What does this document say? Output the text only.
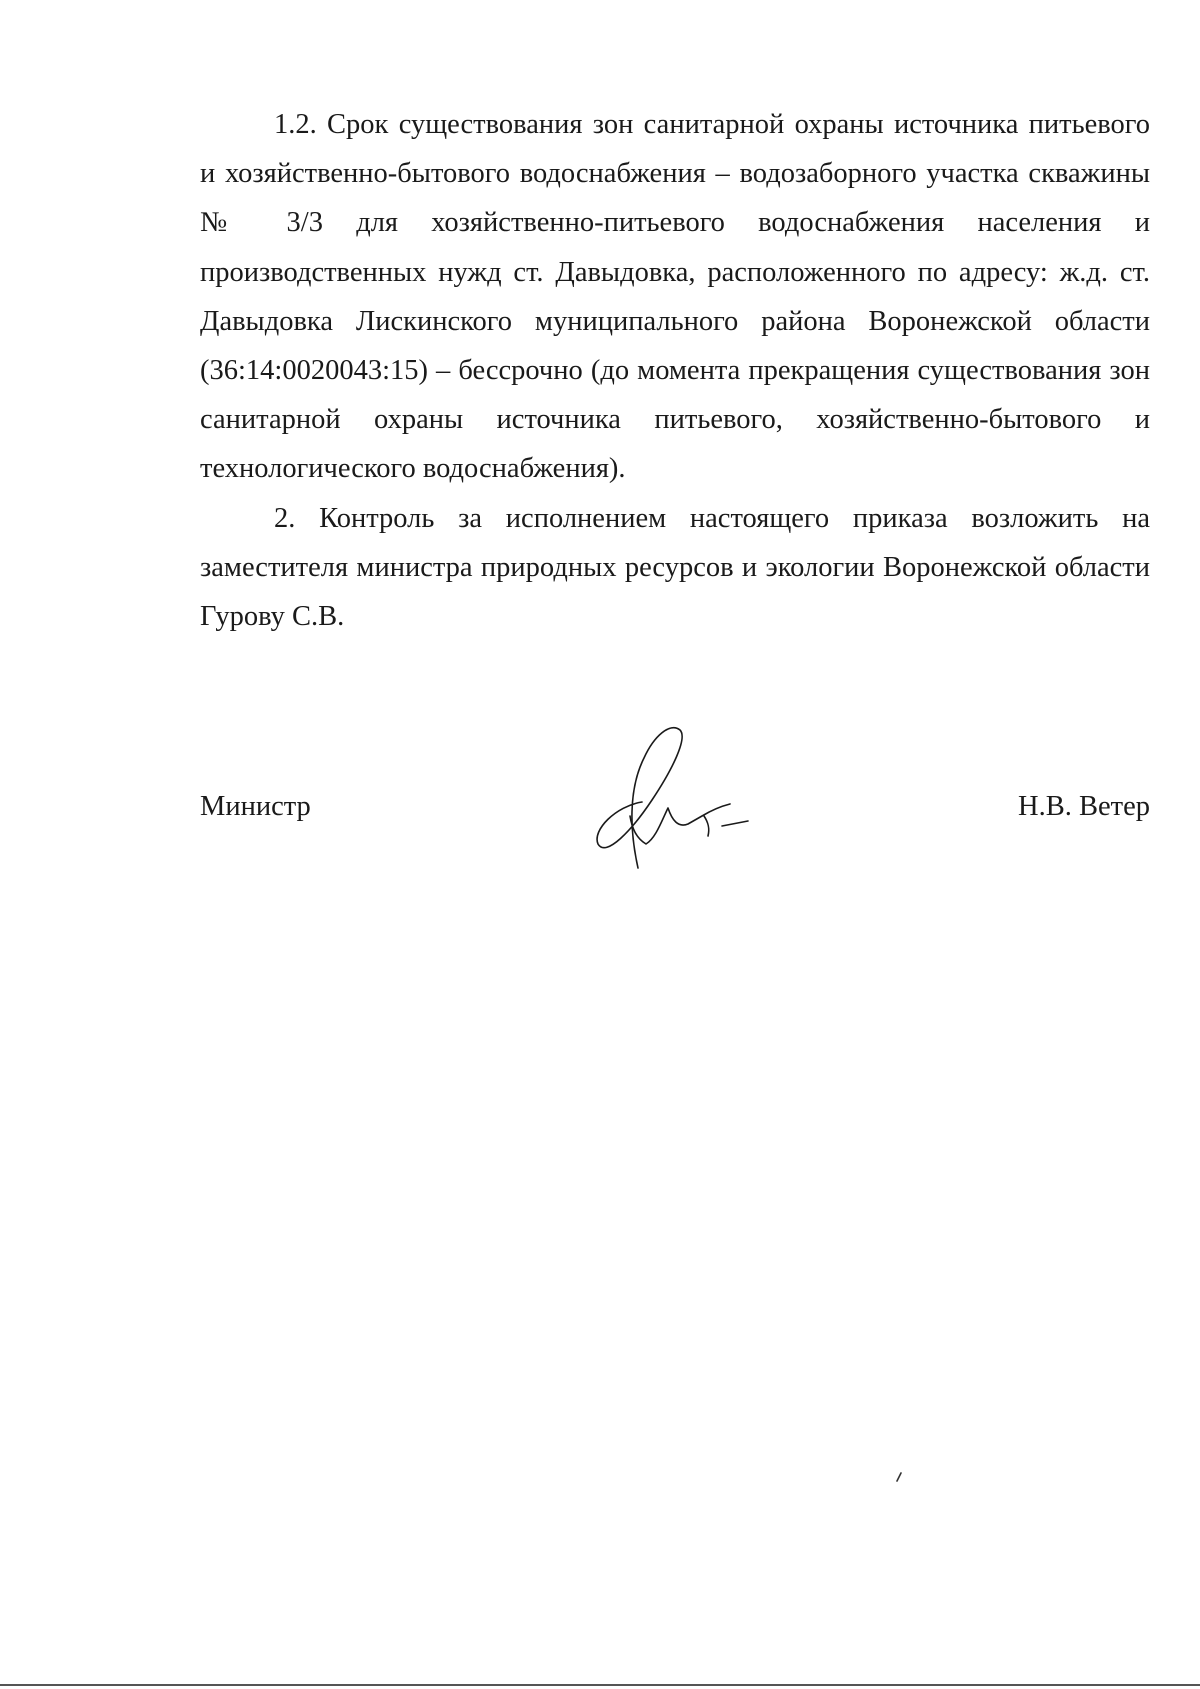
1.2. Срок существования зон санитарной охраны источника питьевого и хозяйственно-бытового водоснабжения – водозаборного участка скважины № 3/3 для хозяйственно-питьевого водоснабжения населения и производственных нужд ст. Давыдовка, расположенного по адресу: ж.д. ст. Давыдовка Лискинского муниципального района Воронежской области (36:14:0020043:15) – бессрочно (до момента прекращения существования зон санитарной охраны источника питьевого, хозяйственно-бытового и технологического водоснабжения).

2. Контроль за исполнением настоящего приказа возложить на заместителя министра природных ресурсов и экологии Воронежской области Гурову С.В.

Министр	Н.В. Ветер
